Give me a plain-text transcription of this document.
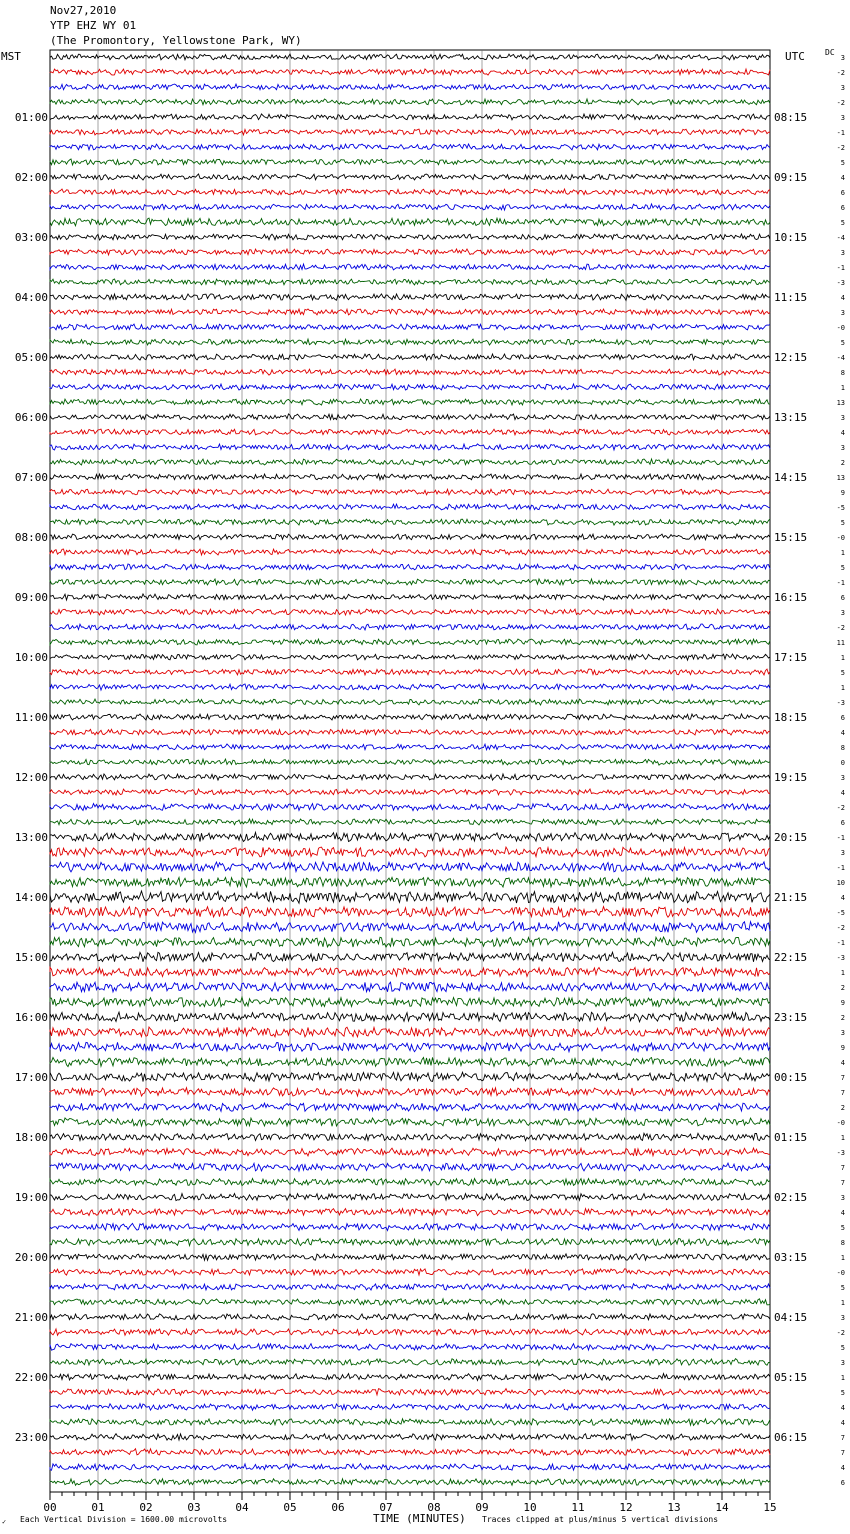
Nov27,2010
YTP EHZ WY 01
(The Promontory, Yellowstone Park, WY)
MST	UTC	DC
01:00
02:00
03:00
04:00
05:00
06:00
07:00
08:00
09:00
10:00
11:00
12:00
13:00
14:00
15:00
16:00
17:00
18:00
19:00
20:00
21:00
22:00
23:00
08:15
09:15
10:15
11:15
12:15
13:15
14:15
15:15
16:15
17:15
18:15
19:15
20:15
21:15
22:15
23:15
00:15
01:15
02:15
03:15
04:15
05:15
06:15
3
-2
3
-2
3
-1
-2
5
4
6
6
5
-4
3
-1
-3
4
3
-0
5
-4
8
1
13
3
4
3
2
13
9
-5
5
-0
1
5
-1
6
3
-2
11
1
5
1
-3
6
4
8
0
3
4
-2
6
-1
3
-1
10
4
-5
-2
-1
-3
1
2
9
2
3
9
4
7
7
2
-0
1
-3
7
7
3
4
5
8
1
-0
5
1
3
-2
5
3
1
5
4
4
7
7
4
6
00	01	02	03	04	05	06	07	08	09	10	11	12	13	14	15
✓ Each Vertical Division = 1600.00 microvolts	TIME (MINUTES) Traces clipped at plus/minus 5 vertical divisions
